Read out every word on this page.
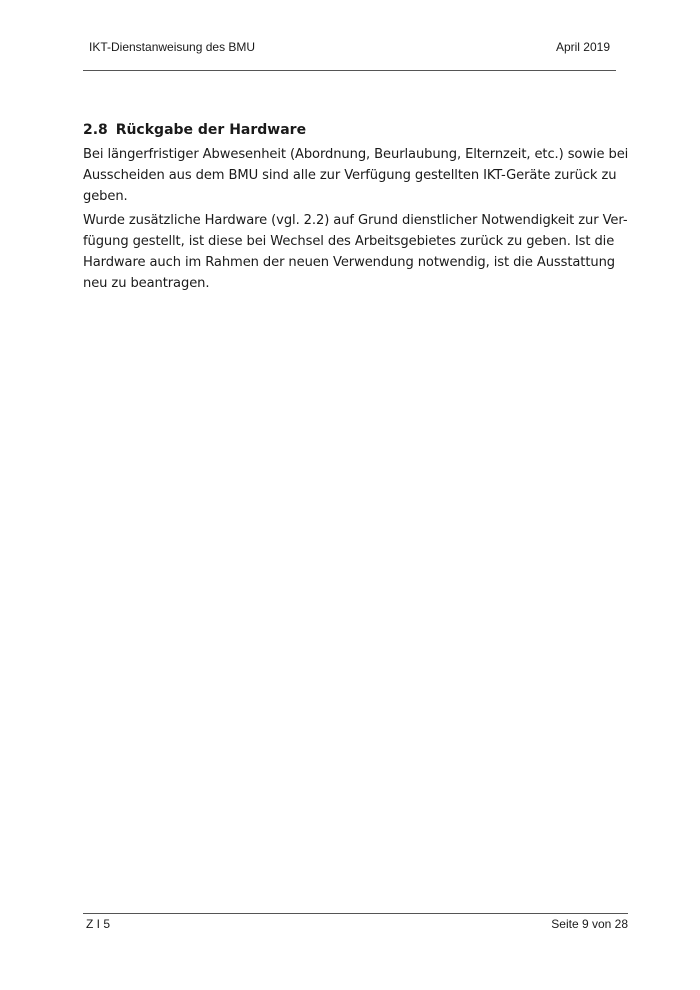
IKT-Dienstanweisung des BMU	April 2019
2.8 Rückgabe der Hardware
Bei längerfristiger Abwesenheit (Abordnung, Beurlaubung, Elternzeit, etc.) sowie bei
Ausscheiden aus dem BMU sind alle zur Verfügung gestellten IKT-Geräte zurück zu
geben.
Wurde zusätzliche Hardware (vgl. 2.2) auf Grund dienstlicher Notwendigkeit zur Ver-
fügung gestellt, ist diese bei Wechsel des Arbeitsgebietes zurück zu geben. Ist die
Hardware auch im Rahmen der neuen Verwendung notwendig, ist die Ausstattung
neu zu beantragen.
Z I 5	Seite 9 von 28
